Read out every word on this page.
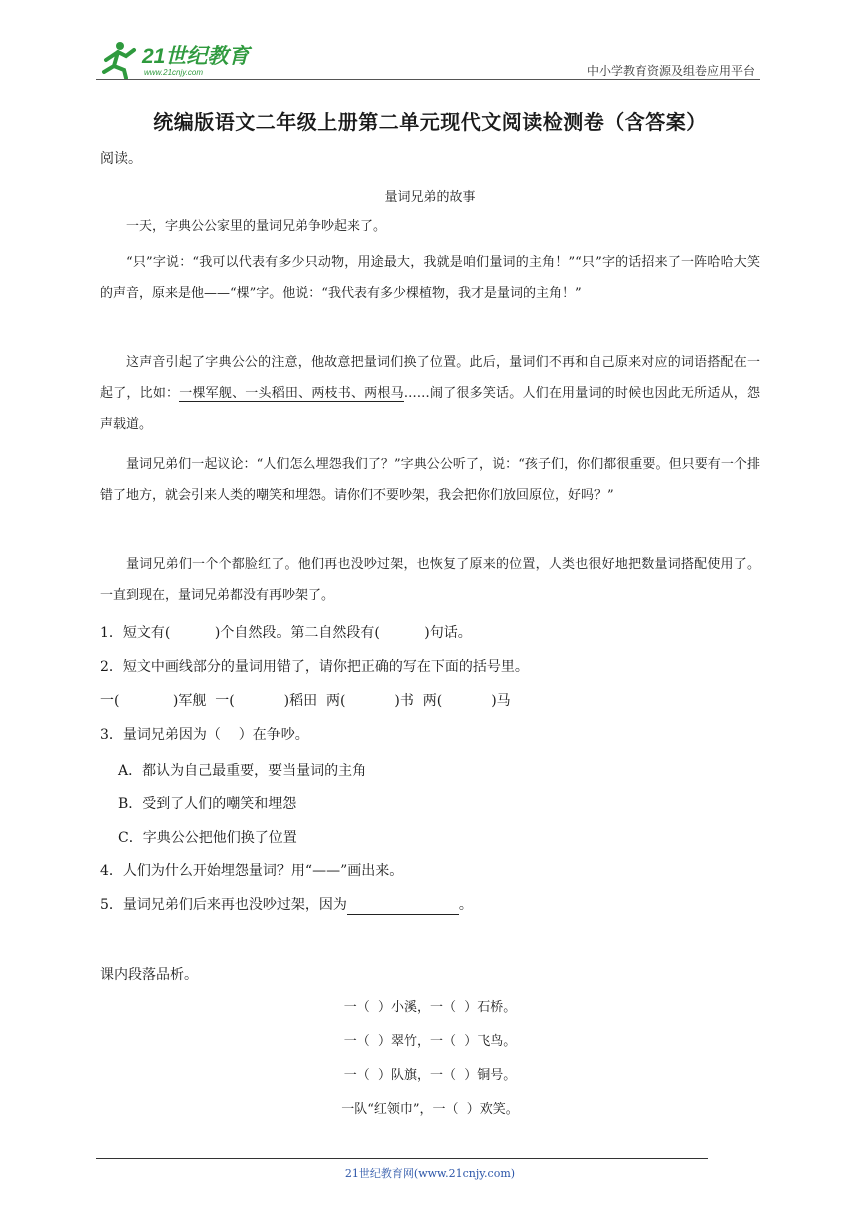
21世纪教育
www.21cnjy.com	中小学教育资源及组卷应用平台
统编版语文二年级上册第二单元现代文阅读检测卷（含答案）
阅读。
量词兄弟的故事

一天，字典公公家里的量词兄弟争吵起来了。

“只”字说：“我可以代表有多少只动物，用途最大，我就是咱们量词的主角！”“只”字的话招来了一阵哈哈大笑的声音，原来是他——“棵”字。他说：“我代表有多少棵植物，我才是量词的主角！”

这声音引起了字典公公的注意，他故意把量词们换了位置。此后，量词们不再和自己原来对应的词语搭配在一起了，比如：一棵军舰、一头稻田、两枝书、两根马……闹了很多笑话。人们在用量词的时候也因此无所适从，怨声载道。

量词兄弟们一起议论：“人们怎么埋怨我们了？”字典公公听了，说：“孩子们，你们都很重要。但只要有一个排错了地方，就会引来人类的嘲笑和埋怨。请你们不要吵架，我会把你们放回原位，好吗？”

量词兄弟们一个个都脸红了。他们再也没吵过架，也恢复了原来的位置，人类也很好地把数量词搭配使用了。一直到现在，量词兄弟都没有再吵架了。

1．短文有(          )个自然段。第二自然段有(          )句话。
2．短文中画线部分的量词用错了，请你把正确的写在下面的括号里。
一(            )军舰  一(           )稻田  两(           )书  两(           )马
3．量词兄弟因为（    ）在争吵。
A．都认为自己最重要，要当量词的主角
B．受到了人们的嘲笑和埋怨
C．字典公公把他们换了位置
4．人们为什么开始埋怨量词？用“——”画出来。
5．量词兄弟们后来再也没吵过架，因为	。
课内段落品析。
一（  ）小溪，一（  ）石桥。
一（  ）翠竹，一（  ）飞鸟。
一（  ）队旗，一（  ）铜号。
一队“红领巾”，一（  ）欢笑。
21世纪教育网(www.21cnjy.com)
